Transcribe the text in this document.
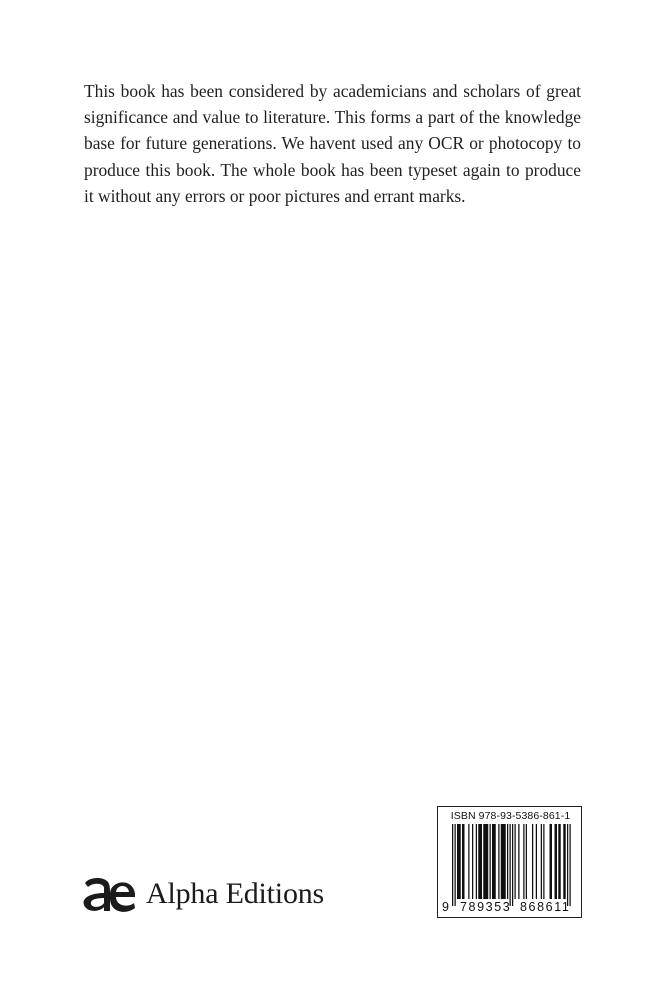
This book has been considered by academicians and scholars of great significance and value to literature. This forms a part of the knowledge base for future generations. We havent used any OCR or photocopy to produce this book. The whole book has been typeset again to produce it without any errors or poor pictures and errant marks.

Alpha Editions
ISBN 978-93-5386-861-1
9 789353 868611
